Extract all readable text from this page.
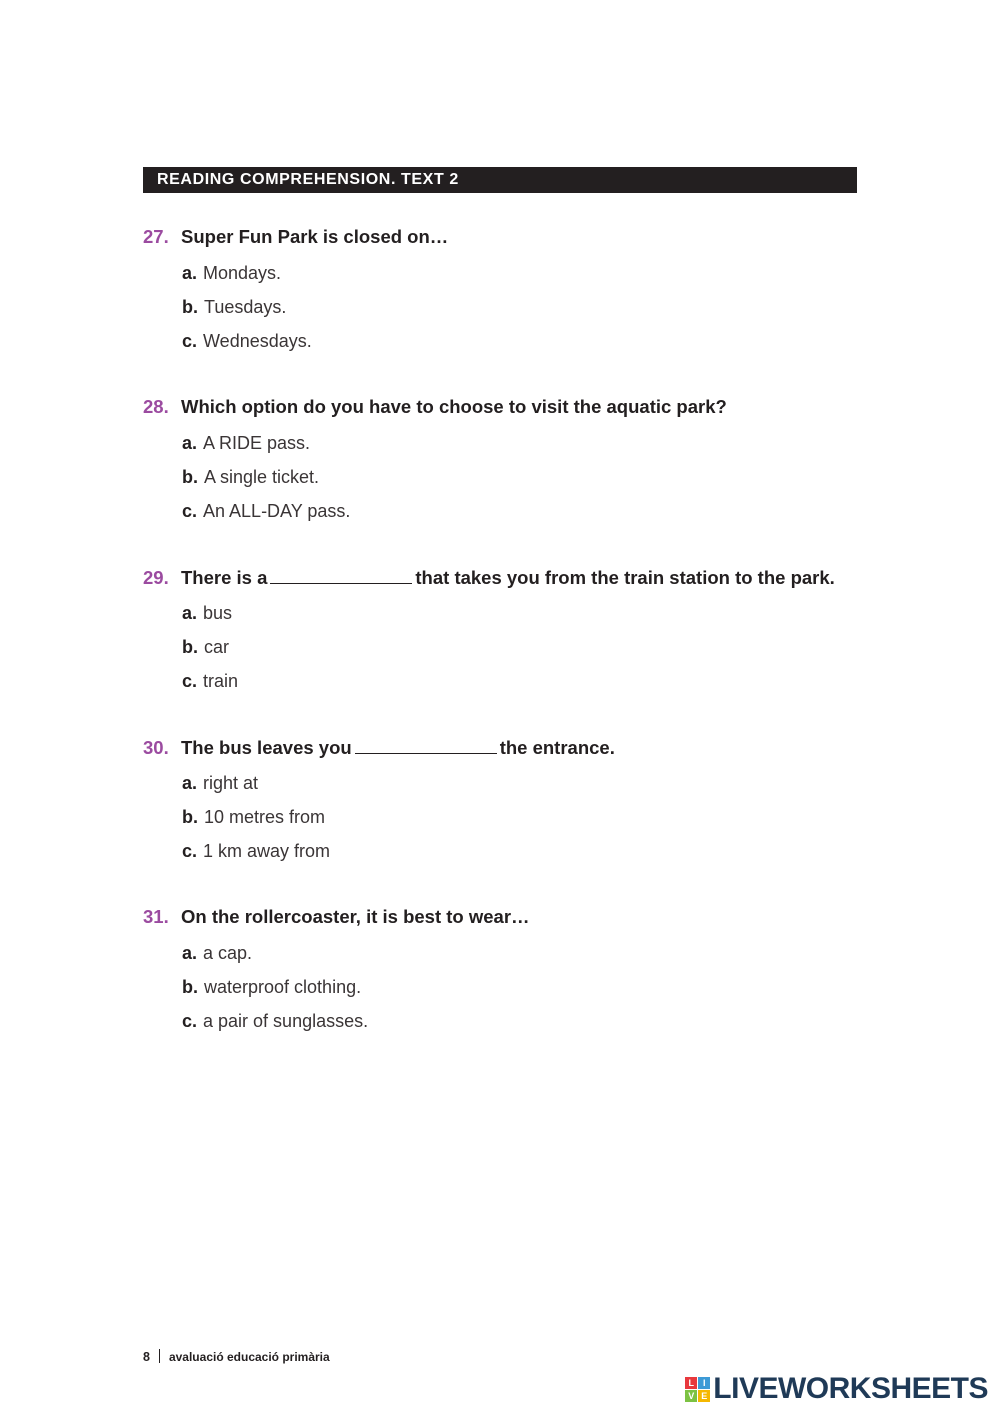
READING COMPREHENSION. TEXT 2
27. Super Fun Park is closed on…
a. Mondays.
b. Tuesdays.
c. Wednesdays.
28. Which option do you have to choose to visit the aquatic park?
a. A RIDE pass.
b. A single ticket.
c. An ALL-DAY pass.
29. There is a	that takes you from the train station to the park.
a. bus
b. car
c. train
30. The bus leaves you	the entrance.
a. right at
b. 10 metres from
c. 1 km away from
31. On the rollercoaster, it is best to wear…
a. a cap.
b. waterproof clothing.
c. a pair of sunglasses.
8 avaluació educació primària
L I
V E LIVEWORKSHEETS
